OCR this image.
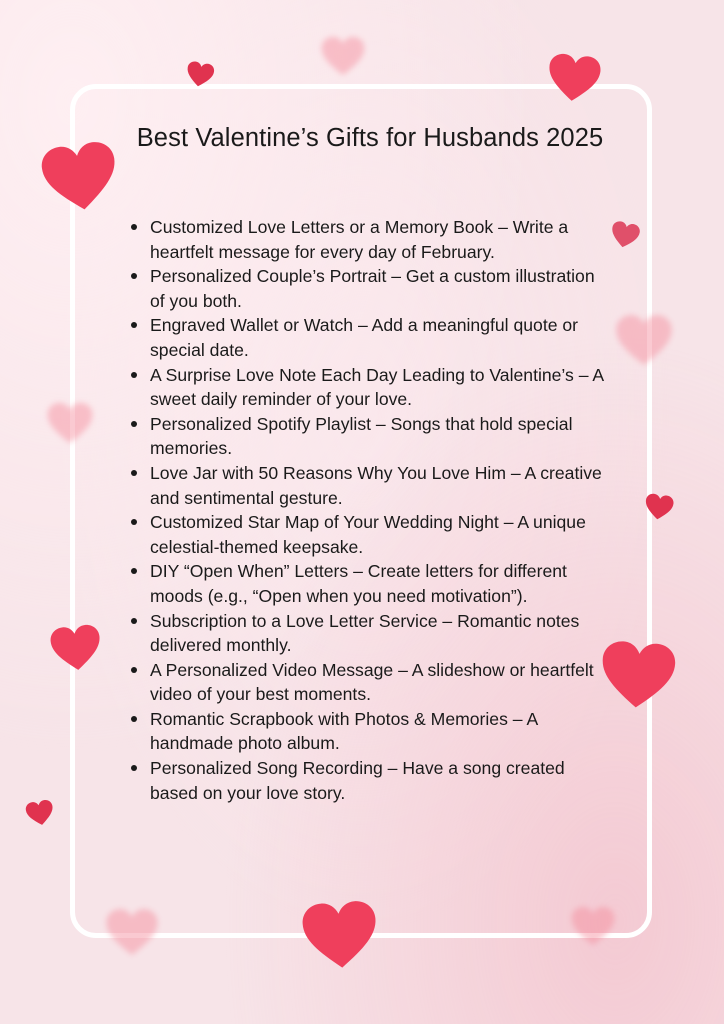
Best Valentine’s Gifts for Husbands 2025
Customized Love Letters or a Memory Book – Write a heartfelt message for every day of February.
Personalized Couple’s Portrait – Get a custom illustration of you both.
Engraved Wallet or Watch – Add a meaningful quote or special date.
A Surprise Love Note Each Day Leading to Valentine’s – A sweet daily reminder of your love.
Personalized Spotify Playlist – Songs that hold special memories.
Love Jar with 50 Reasons Why You Love Him – A creative and sentimental gesture.
Customized Star Map of Your Wedding Night – A unique celestial-themed keepsake.
DIY “Open When” Letters – Create letters for different moods (e.g., “Open when you need motivation”).
Subscription to a Love Letter Service – Romantic notes delivered monthly.
A Personalized Video Message – A slideshow or heartfelt video of your best moments.
Romantic Scrapbook with Photos & Memories – A handmade photo album.
Personalized Song Recording – Have a song created based on your love story.
